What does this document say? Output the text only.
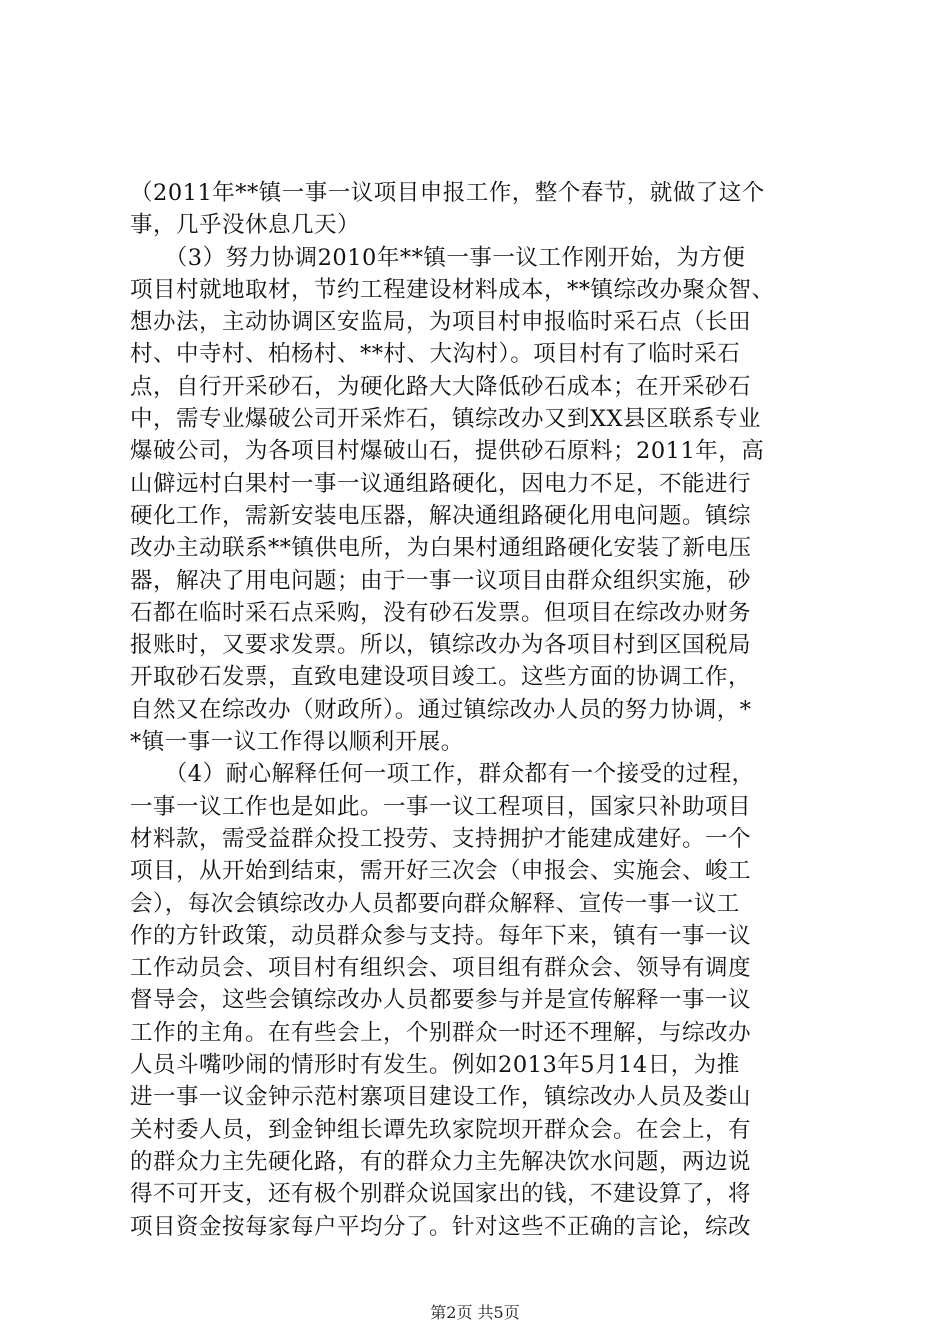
（2011年**镇一事一议项目申报工作，整个春节，就做了这个
事，几乎没休息几天）
　　（3）努力协调2010年**镇一事一议工作刚开始，为方便
项目村就地取材，节约工程建设材料成本，**镇综改办聚众智、
想办法，主动协调区安监局，为项目村申报临时采石点（长田
村、中寺村、柏杨村、**村、大沟村）。项目村有了临时采石
点，自行开采砂石，为硬化路大大降低砂石成本；在开采砂石
中，需专业爆破公司开采炸石，镇综改办又到XX县区联系专业
爆破公司，为各项目村爆破山石，提供砂石原料；2011年，高
山僻远村白果村一事一议通组路硬化，因电力不足，不能进行
硬化工作，需新安装电压器，解决通组路硬化用电问题。镇综
改办主动联系**镇供电所，为白果村通组路硬化安装了新电压
器，解决了用电问题；由于一事一议项目由群众组织实施，砂
石都在临时采石点采购，没有砂石发票。但项目在综改办财务
报账时，又要求发票。所以，镇综改办为各项目村到区国税局
开取砂石发票，直致电建设项目竣工。这些方面的协调工作，
自然又在综改办（财政所）。通过镇综改办人员的努力协调，*
*镇一事一议工作得以顺利开展。
　　（4）耐心解释任何一项工作，群众都有一个接受的过程，
一事一议工作也是如此。一事一议工程项目，国家只补助项目
材料款，需受益群众投工投劳、支持拥护才能建成建好。一个
项目，从开始到结束，需开好三次会（申报会、实施会、峻工
会），每次会镇综改办人员都要向群众解释、宣传一事一议工
作的方针政策，动员群众参与支持。每年下来，镇有一事一议
工作动员会、项目村有组织会、项目组有群众会、领导有调度
督导会，这些会镇综改办人员都要参与并是宣传解释一事一议
工作的主角。在有些会上，个别群众一时还不理解，与综改办
人员斗嘴吵闹的情形时有发生。例如2013年5月14日，为推
进一事一议金钟示范村寨项目建设工作，镇综改办人员及娄山
关村委人员，到金钟组长谭先玖家院坝开群众会。在会上，有
的群众力主先硬化路，有的群众力主先解决饮水问题，两边说
得不可开支，还有极个别群众说国家出的钱，不建设算了，将
项目资金按每家每户平均分了。针对这些不正确的言论，综改
第2页 共5页
